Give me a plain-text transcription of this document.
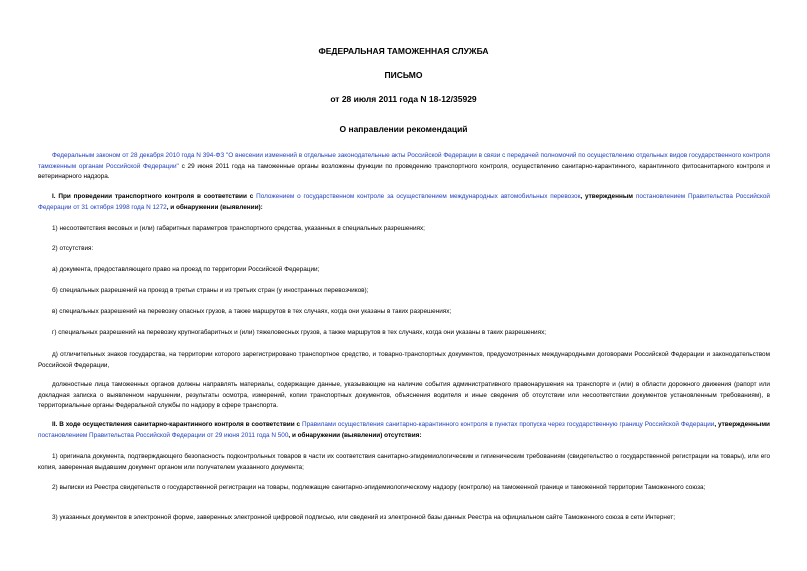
ФЕДЕРАЛЬНАЯ ТАМОЖЕННАЯ СЛУЖБА
ПИСЬМО
от 28 июля 2011 года N 18-12/35929
О направлении рекомендаций
Федеральным законом от 28 декабря 2010 года N 394-ФЗ "О внесении изменений в отдельные законодательные акты Российской Федерации в связи с передачей полномочий по осуществлению отдельных видов государственного контроля таможенным органам Российской Федерации" с 29 июня 2011 года на таможенные органы возложены функции по проведению транспортного контроля, осуществлению санитарно-карантинного, карантинного фитосанитарного контроля и ветеринарного надзора.
I. При проведении транспортного контроля в соответствии с Положением о государственном контроле за осуществлением международных автомобильных перевозок, утвержденным постановлением Правительства Российской Федерации от 31 октября 1998 года N 1272, и обнаружении (выявлении):
1) несоответствия весовых и (или) габаритных параметров транспортного средства, указанных в специальных разрешениях;
2) отсутствия:
а) документа, предоставляющего право на проезд по территории Российской Федерации;
б) специальных разрешений на проезд в третьи страны и из третьих стран (у иностранных перевозчиков);
в) специальных разрешений на перевозку опасных грузов, а также маршрутов в тех случаях, когда они указаны в таких разрешениях;
г) специальных разрешений на перевозку крупногабаритных и (или) тяжеловесных грузов, а также маршрутов в тех случаях, когда они указаны в таких разрешениях;
д) отличительных знаков государства, на территории которого зарегистрировано транспортное средство, и товарно-транспортных документов, предусмотренных международными договорами Российской Федерации и законодательством Российской Федерации,
должностные лица таможенных органов должны направлять материалы, содержащие данные, указывающие на наличие события административного правонарушения на транспорте и (или) в области дорожного движения (рапорт или докладная записка о выявленном нарушении, результаты осмотра, измерений, копии транспортных документов, объяснения водителя и иные сведения об отсутствии или несоответствии документов установленным требованиям), в территориальные органы Федеральной службы по надзору в сфере транспорта.
II. В ходе осуществления санитарно-карантинного контроля в соответствии с Правилами осуществления санитарно-карантинного контроля в пунктах пропуска через государственную границу Российской Федерации, утвержденными постановлением Правительства Российской Федерации от 29 июня 2011 года N 500, и обнаружении (выявлении) отсутствия:
1) оригинала документа, подтверждающего безопасность подконтрольных товаров в части их соответствия санитарно-эпидемиологическим и гигиеническим требованиям (свидетельство о государственной регистрации на товары), или его копия, заверенная выдавшим документ органом или получателем указанного документа;
2) выписки из Реестра свидетельств о государственной регистрации на товары, подлежащие санитарно-эпидемиологическому надзору (контролю) на таможенной границе и таможенной территории Таможенного союза;
3) указанных документов в электронной форме, заверенных электронной цифровой подписью, или сведений из электронной базы данных Реестра на официальном сайте Таможенного союза в сети Интернет;
